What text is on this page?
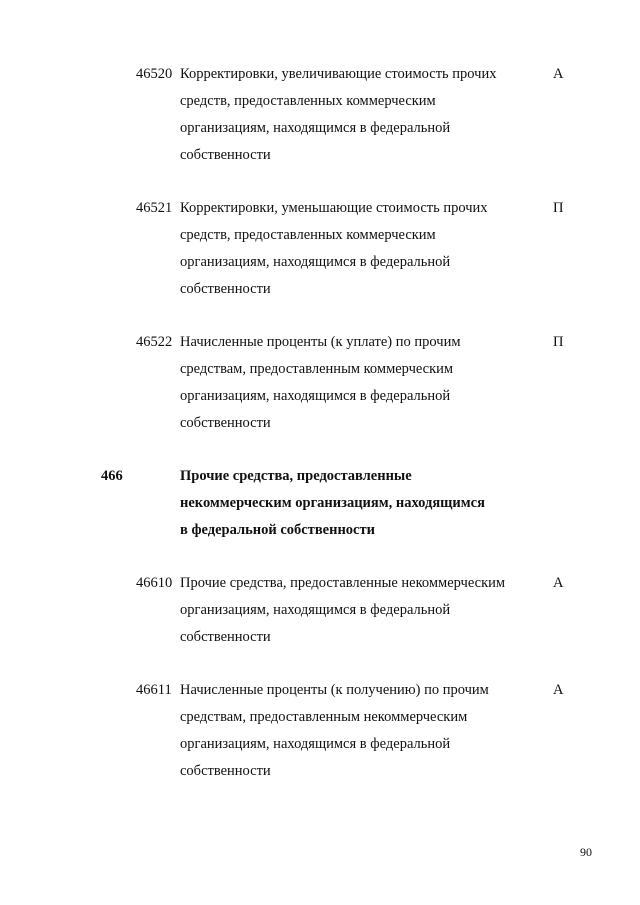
46520 Корректировки, увеличивающие стоимость прочих
средств, предоставленных коммерческим
организациям, находящимся в федеральной
собственности
А
46521 Корректировки, уменьшающие стоимость прочих
средств, предоставленных коммерческим
организациям, находящимся в федеральной
собственности
П
46522 Начисленные проценты (к уплате) по прочим
средствам, предоставленным коммерческим
организациям, находящимся в федеральной
собственности
П
466	Прочие средства, предоставленные
некоммерческим организациям, находящимся
в федеральной собственности
46610 Прочие средства, предоставленные некоммерческим
организациям, находящимся в федеральной
собственности
А
46611 Начисленные проценты (к получению) по прочим
средствам, предоставленным некоммерческим
организациям, находящимся в федеральной
собственности
А
90
